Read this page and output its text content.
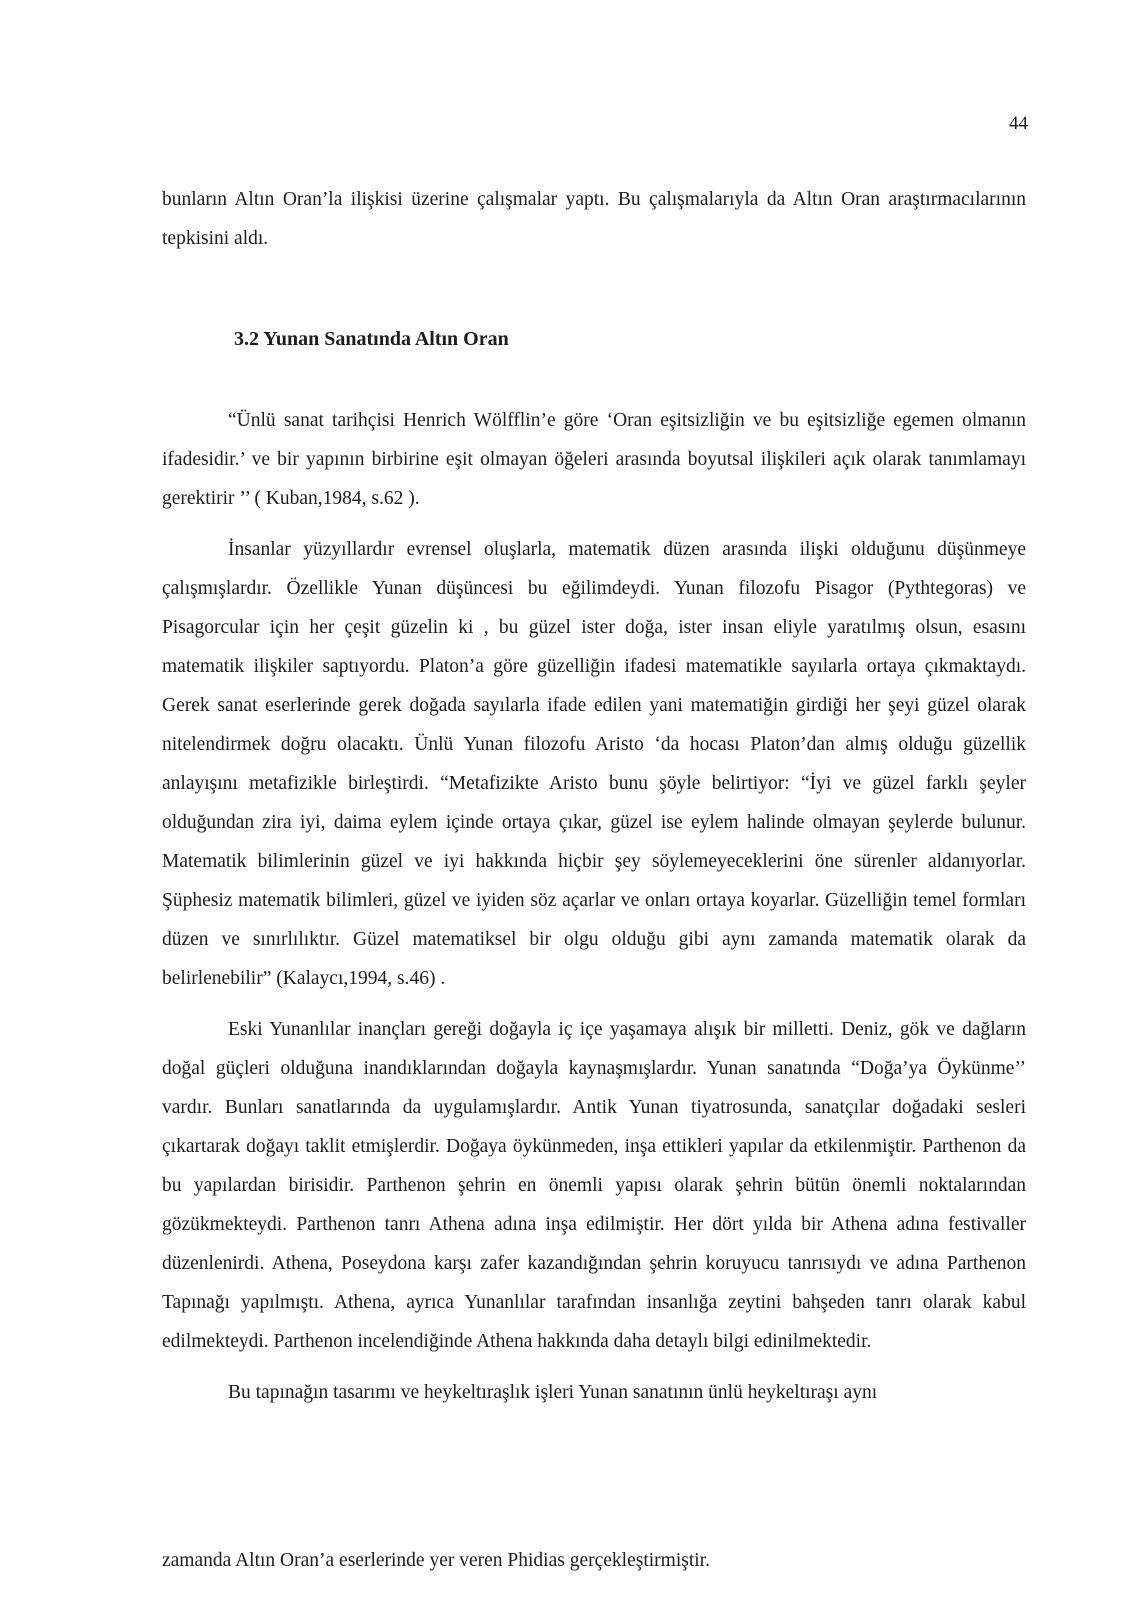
44

bunların Altın Oran’la ilişkisi üzerine çalışmalar yaptı. Bu çalışmalarıyla da Altın Oran araştırmacılarının tepkisini aldı.

3.2 Yunan Sanatında Altın Oran

“Ünlü sanat tarihçisi Henrich Wölfflin’e göre ‘Oran eşitsizliğin ve bu eşitsizliğe egemen olmanın ifadesidir.’ ve bir yapının birbirine eşit olmayan öğeleri arasında boyutsal ilişkileri açık olarak tanımlamayı gerektirir ’’ ( Kuban,1984, s.62 ).

İnsanlar yüzyıllardır evrensel oluşlarla, matematik düzen arasında ilişki olduğunu düşünmeye çalışmışlardır. Özellikle Yunan düşüncesi bu eğilimdeydi. Yunan filozofu Pisagor (Pythtegoras) ve Pisagorcular için her çeşit güzelin ki , bu güzel ister doğa, ister insan eliyle yaratılmış olsun, esasını matematik ilişkiler saptıyordu. Platon’a göre güzelliğin ifadesi matematikle sayılarla ortaya çıkmaktaydı. Gerek sanat eserlerinde gerek doğada sayılarla ifade edilen yani matematiğin girdiği her şeyi güzel olarak nitelendirmek doğru olacaktı. Ünlü Yunan filozofu Aristo ‘da hocası Platon’dan almış olduğu güzellik anlayışını metafizikle birleştirdi. “Metafizikte Aristo bunu şöyle belirtiyor: “İyi ve güzel farklı şeyler olduğundan zira iyi, daima eylem içinde ortaya çıkar, güzel ise eylem halinde olmayan şeylerde bulunur. Matematik bilimlerinin güzel ve iyi hakkında hiçbir şey söylemeyeceklerini öne sürenler aldanıyorlar. Şüphesiz matematik bilimleri, güzel ve iyiden söz açarlar ve onları ortaya koyarlar. Güzelliğin temel formları düzen ve sınırlılıktır. Güzel matematiksel bir olgu olduğu gibi aynı zamanda matematik olarak da belirlenebilir” (Kalaycı,1994, s.46) .

Eski Yunanlılar inançları gereği doğayla iç içe yaşamaya alışık bir milletti. Deniz, gök ve dağların doğal güçleri olduğuna inandıklarından doğayla kaynaşmışlardır. Yunan sanatında “Doğa’ya Öykünme’’ vardır. Bunları sanatlarında da uygulamışlardır. Antik Yunan tiyatrosunda, sanatçılar doğadaki sesleri çıkartarak doğayı taklit etmişlerdir. Doğaya öykünmeden, inşa ettikleri yapılar da etkilenmiştir. Parthenon da bu yapılardan birisidir. Parthenon şehrin en önemli yapısı olarak şehrin bütün önemli noktalarından gözükmekteydi. Parthenon tanrı Athena adına inşa edilmiştir. Her dört yılda bir Athena adına festivaller düzenlenirdi. Athena, Poseydona karşı zafer kazandığından şehrin koruyucu tanrısıydı ve adına Parthenon Tapınağı yapılmıştı. Athena, ayrıca Yunanlılar tarafından insanlığa zeytini bahşeden tanrı olarak kabul edilmekteydi. Parthenon incelendiğinde Athena hakkında daha detaylı bilgi edinilmektedir.

Bu tapınağın tasarımı ve heykeltıraşlık işleri Yunan sanatının ünlü heykeltıraşı aynı

zamanda Altın Oran’a eserlerinde yer veren Phidias gerçekleştirmiştir.
